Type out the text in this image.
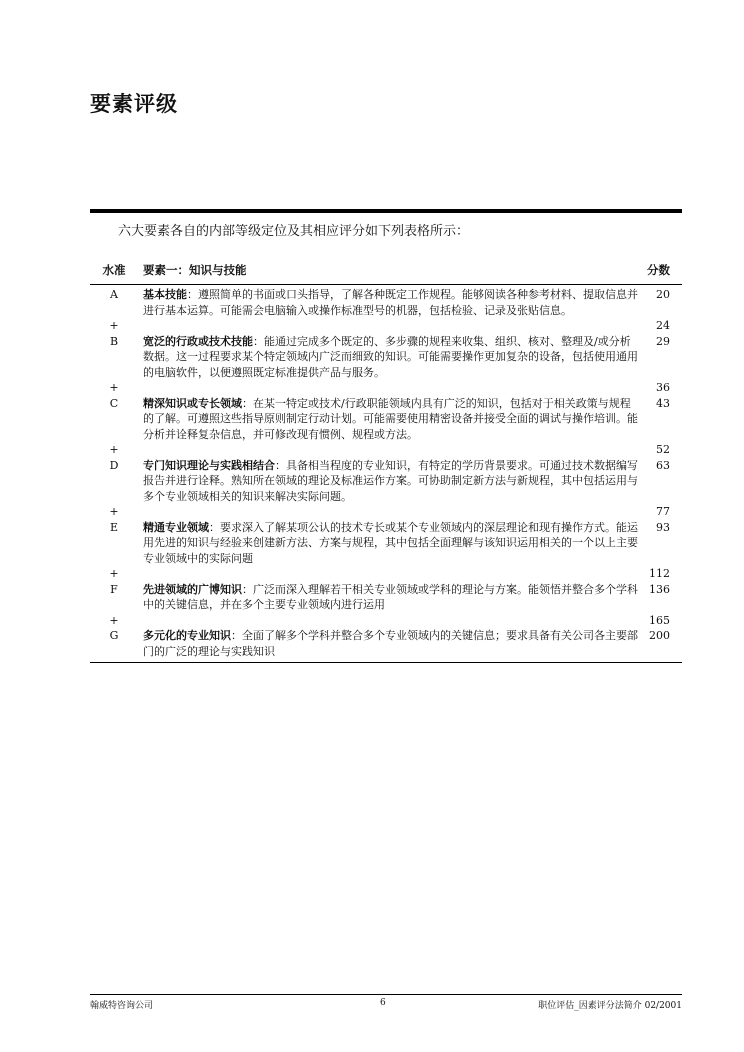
要素评级
六大要素各自的内部等级定位及其相应评分如下列表格所示：
水准	要素一：知识与技能	分数
A	基本技能：遵照简单的书面或口头指导，了解各种既定工作规程。能够阅读各种参考材料、提取信息并进行基本运算。可能需会电脑输入或操作标准型号的机器，包括检验、记录及张贴信息。	20
+		24
B	宽泛的行政或技术技能：能通过完成多个既定的、多步骤的规程来收集、组织、核对、整理及/或分析数据。这一过程要求某个特定领域内广泛而细致的知识。可能需要操作更加复杂的设备，包括使用通用的电脑软件，以便遵照既定标准提供产品与服务。	29
+		36
C	精深知识或专长领域：在某一特定或技术/行政职能领域内具有广泛的知识，包括对于相关政策与规程的了解。可遵照这些指导原则制定行动计划。可能需要使用精密设备并接受全面的调试与操作培训。能分析并诠释复杂信息，并可修改现有惯例、规程或方法。	43
+		52
D	专门知识理论与实践相结合：具备相当程度的专业知识，有特定的学历背景要求。可通过技术数据编写报告并进行诠释。熟知所在领域的理论及标准运作方案。可协助制定新方法与新规程，其中包括运用与多个专业领域相关的知识来解决实际问题。	63
+		77
E	精通专业领域：要求深入了解某项公认的技术专长或某个专业领域内的深层理论和现有操作方式。能运用先进的知识与经验来创建新方法、方案与规程，其中包括全面理解与该知识运用相关的一个以上主要专业领域中的实际问题	93
+		112
F	先进领域的广博知识：广泛而深入理解若干相关专业领域或学科的理论与方案。能领悟并整合多个学科中的关键信息，并在多个主要专业领域内进行运用	136
+		165
G	多元化的专业知识：全面了解多个学科并整合多个专业领域内的关键信息；要求具备有关公司各主要部门的广泛的理论与实践知识	200
翰威特咨询公司	6	职位评估_因素评分法简介 02/2001
